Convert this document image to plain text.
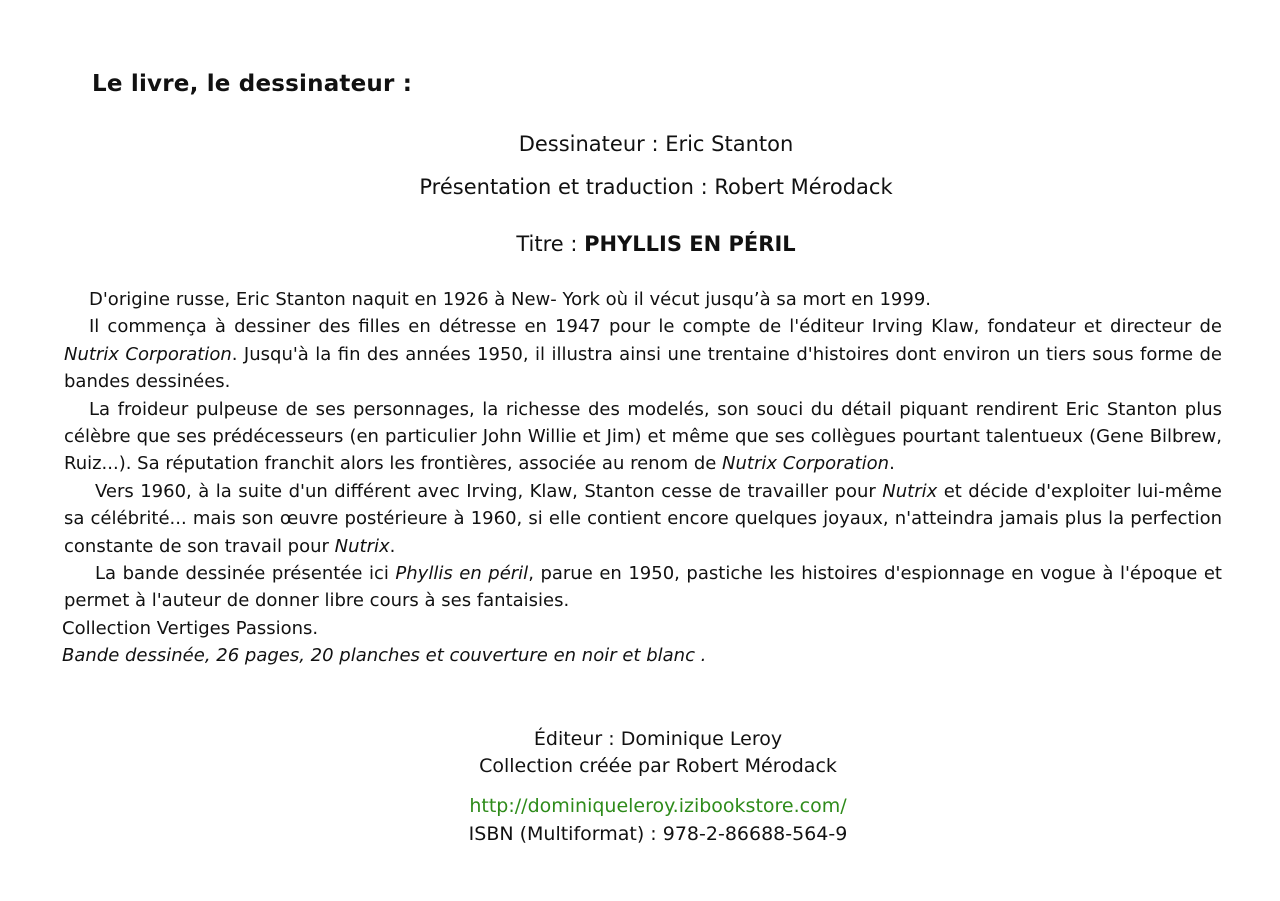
Le livre, le dessinateur :
Dessinateur : Eric Stanton
Présentation et traduction : Robert Mérodack
Titre : PHYLLIS EN PÉRIL

D'origine russe, Eric Stanton naquit en 1926 à New- York où il vécut jusqu’à sa mort en 1999.

Il commença à dessiner des filles en détresse en 1947 pour le compte de l'éditeur Irving Klaw, fondateur et directeur de Nutrix Corporation. Jusqu'à la fin des années 1950, il illustra ainsi une trentaine d'histoires dont environ un tiers sous forme de bandes dessinées.

La froideur pulpeuse de ses personnages, la richesse des modelés, son souci du détail piquant rendirent Eric Stanton plus célèbre que ses prédécesseurs (en particulier John Willie et Jim) et même que ses collègues pourtant talentueux (Gene Bilbrew, Ruiz...). Sa réputation franchit alors les frontières, associée au renom de Nutrix Corporation.

Vers 1960, à la suite d'un différent avec Irving, Klaw, Stanton cesse de travailler pour Nutrix et décide d'exploiter lui-même sa célébrité... mais son œuvre postérieure à 1960, si elle contient encore quelques joyaux, n'atteindra jamais plus la perfection constante de son travail pour Nutrix.

La bande dessinée présentée ici Phyllis en péril, parue en 1950, pastiche les histoires d'espionnage en vogue à l'époque et permet à l'auteur de donner libre cours à ses fantaisies.

Collection Vertiges Passions.

Bande dessinée, 26 pages, 20 planches et couverture en noir et blanc .

Éditeur : Dominique Leroy
Collection créée par Robert Mérodack
http://dominiqueleroy.izibookstore.com/
ISBN (Multiformat) : 978-2-86688-564-9
